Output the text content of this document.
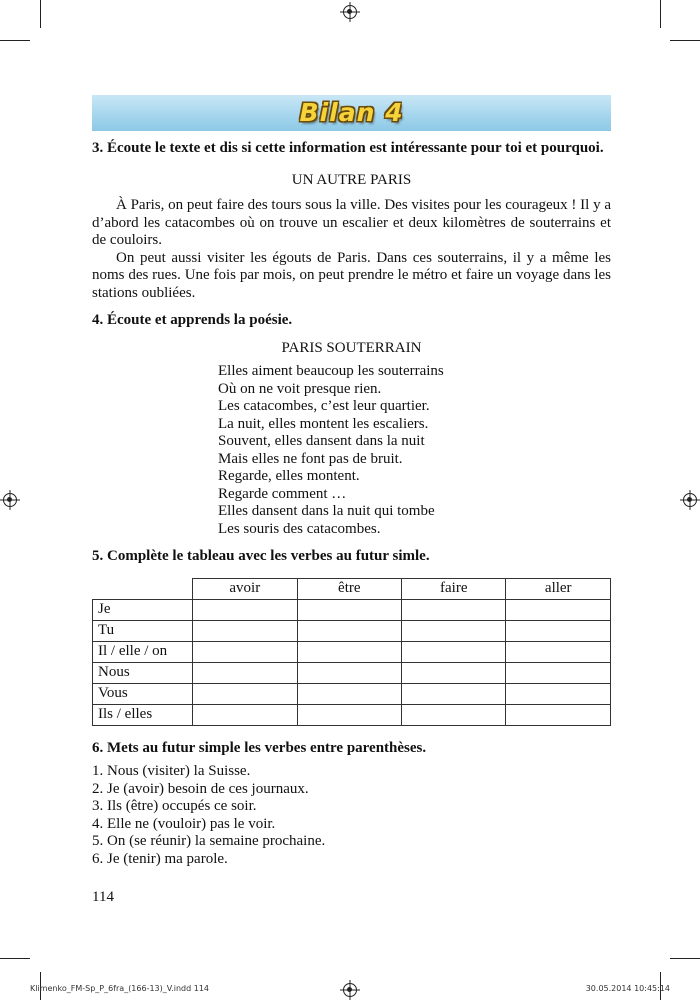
Bilan 4

3. Écoute le texte et dis si cette information est intéressante pour toi et pourquoi.

UN AUTRE PARIS

À Paris, on peut faire des tours sous la ville. Des visites pour les courageux ! Il y a d’abord les catacombes où on trouve un escalier et deux kilomètres de souterrains et de couloirs.

On peut aussi visiter les égouts de Paris. Dans ces souterrains, il y a même les noms des rues. Une fois par mois, on peut prendre le métro et faire un voyage dans les stations oubliées.

4. Écoute et apprends la poésie.

PARIS SOUTERRAIN

Elles aiment beaucoup les souterrains
Où on ne voit presque rien.
Les catacombes, c’est leur quartier.
La nuit, elles montent les escaliers.
Souvent, elles dansent dans la nuit
Mais elles ne font pas de bruit.
Regarde, elles montent.
Regarde comment …
Elles dansent dans la nuit qui tombe
Les souris des catacombes.

5. Complète le tableau avec les verbes au futur simle.

	avoir	être	faire	aller
Je				
Tu				
Il / elle / on				
Nous				
Vous				
Ils / elles				

6. Mets au futur simple les verbes entre parenthèses.

1. Nous (visiter) la Suisse.
2. Je (avoir) besoin de ces journaux.
3. Ils (être) occupés ce soir.
4. Elle ne (vouloir) pas le voir.
5. On (se réunir) la semaine prochaine.
6. Je (tenir) ma parole.
114
Klimenko_FM-Sp_P_6fra_(166-13)_V.indd 114	30.05.2014 10:45:14
